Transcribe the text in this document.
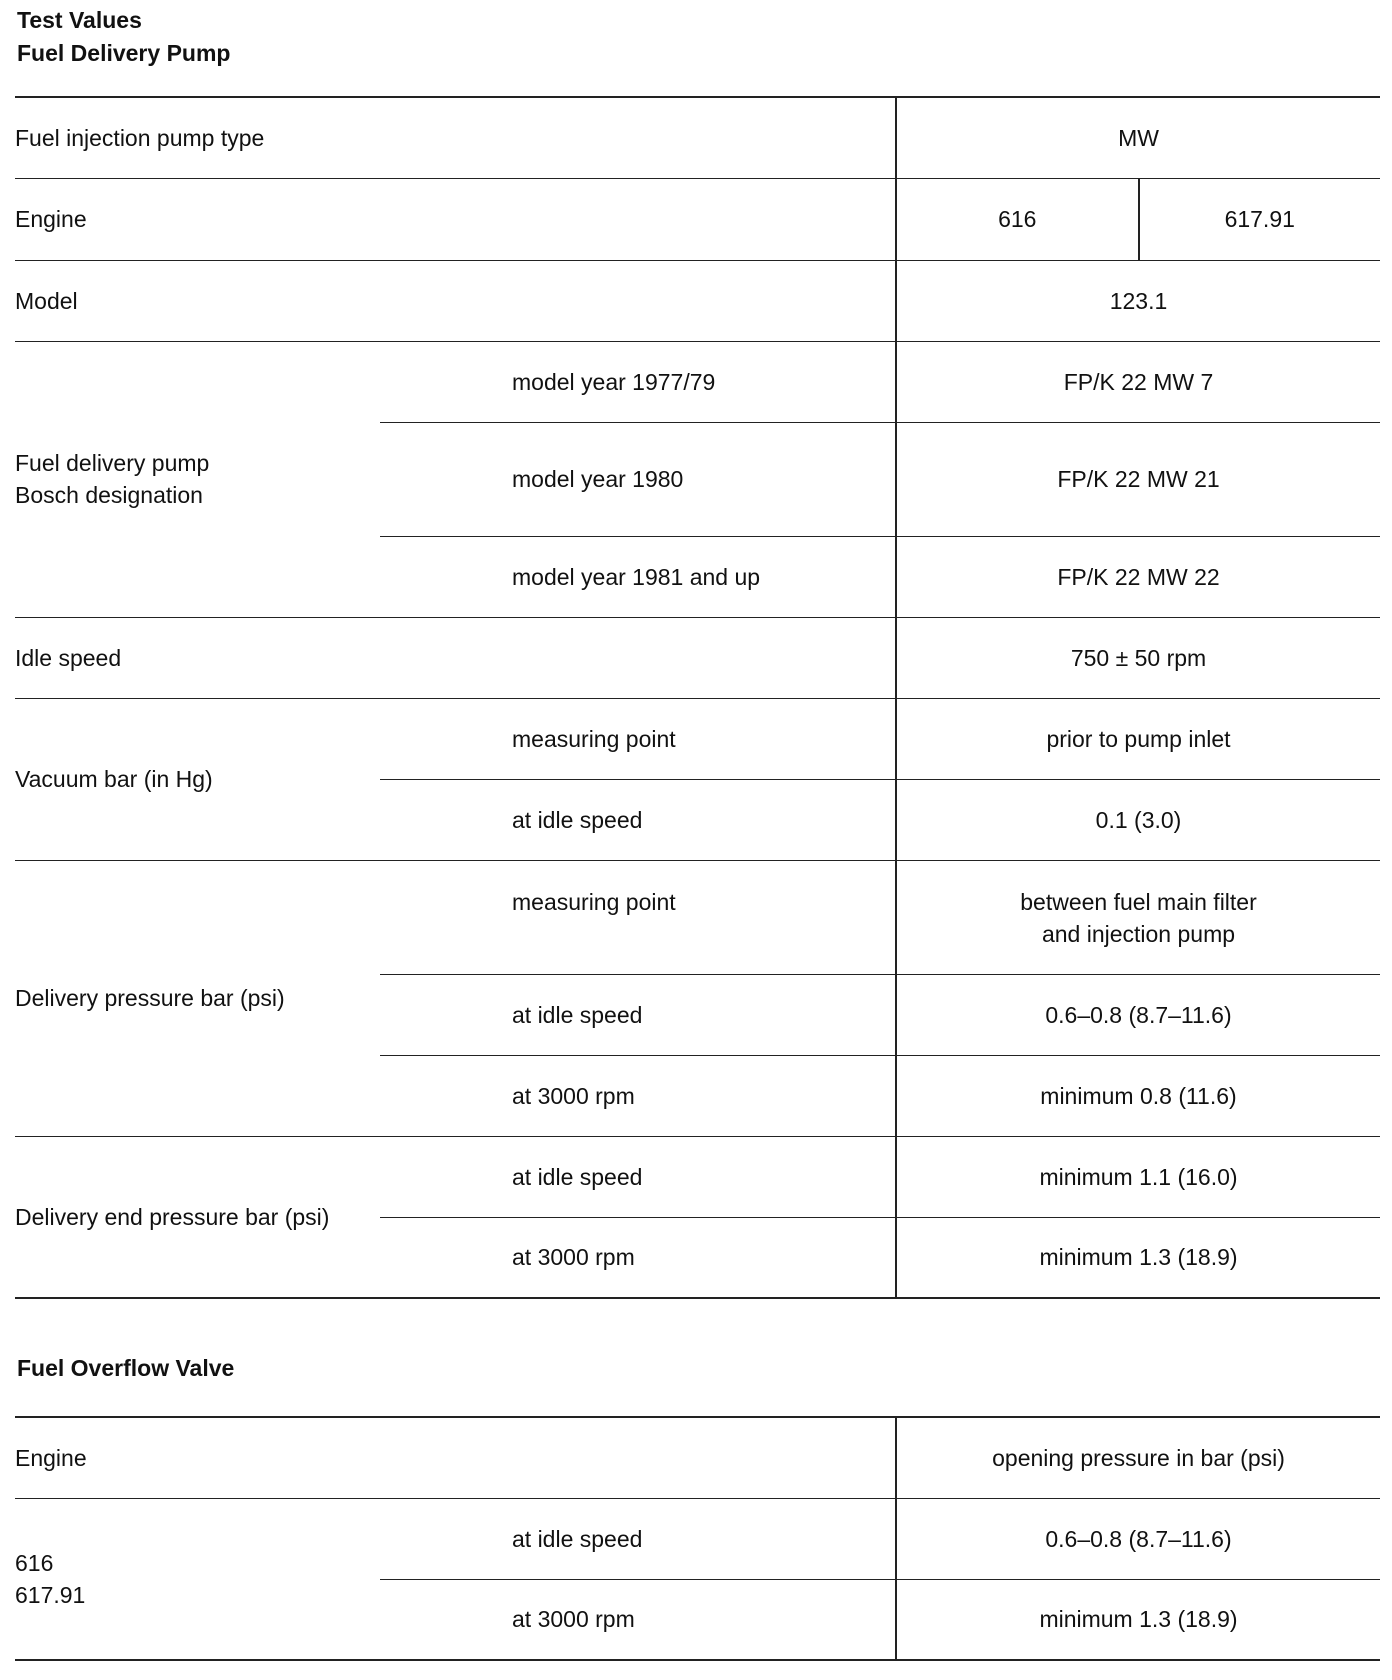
Test Values
Fuel Delivery Pump
Fuel injection pump type		MW
Engine		616 617.91

Model		123.1

Fuel delivery pump
Bosch designation	model year 1977/79	FP/K 22 MW 7
	model year 1980	FP/K 22 MW 21
	model year 1981 and up	FP/K 22 MW 22
Idle speed		750 ± 50 rpm
Vacuum bar (in Hg)	measuring point	prior to pump inlet
	at idle speed	0.1 (3.0)
Delivery pressure bar (psi)	measuring point	between fuel main filter
and injection pump

	at idle speed	0.6–0.8 (8.7–11.6)
	at 3000 rpm	minimum 0.8 (11.6)
Delivery end pressure bar (psi)	at idle speed	minimum 1.1 (16.0)
	at 3000 rpm	minimum 1.3 (18.9)
Fuel Overflow Valve
Engine		opening pressure in bar (psi)

616
617.91	at idle speed	0.6–0.8 (8.7–11.6)
	at 3000 rpm	minimum 1.3 (18.9)
